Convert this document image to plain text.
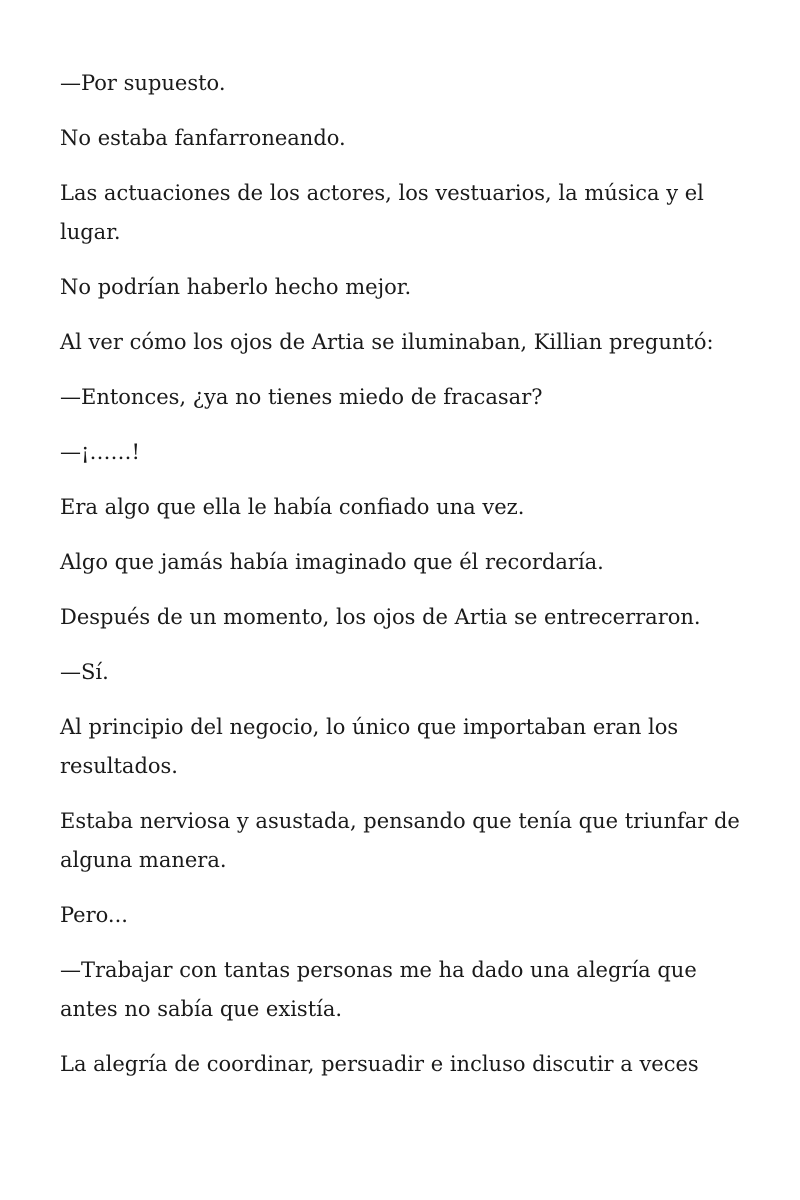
—Por supuesto.

No estaba fanfarroneando.

Las actuaciones de los actores, los vestuarios, la música y el lugar.

No podrían haberlo hecho mejor.

Al ver cómo los ojos de Artia se iluminaban, Killian preguntó:

—Entonces, ¿ya no tienes miedo de fracasar?

—¡……!

Era algo que ella le había confiado una vez.

Algo que jamás había imaginado que él recordaría.

Después de un momento, los ojos de Artia se entrecerraron.

—Sí.

Al principio del negocio, lo único que importaban eran los resultados.

Estaba nerviosa y asustada, pensando que tenía que triunfar de alguna manera.

Pero...

—Trabajar con tantas personas me ha dado una alegría que antes no sabía que existía.

La alegría de coordinar, persuadir e incluso discutir a veces
